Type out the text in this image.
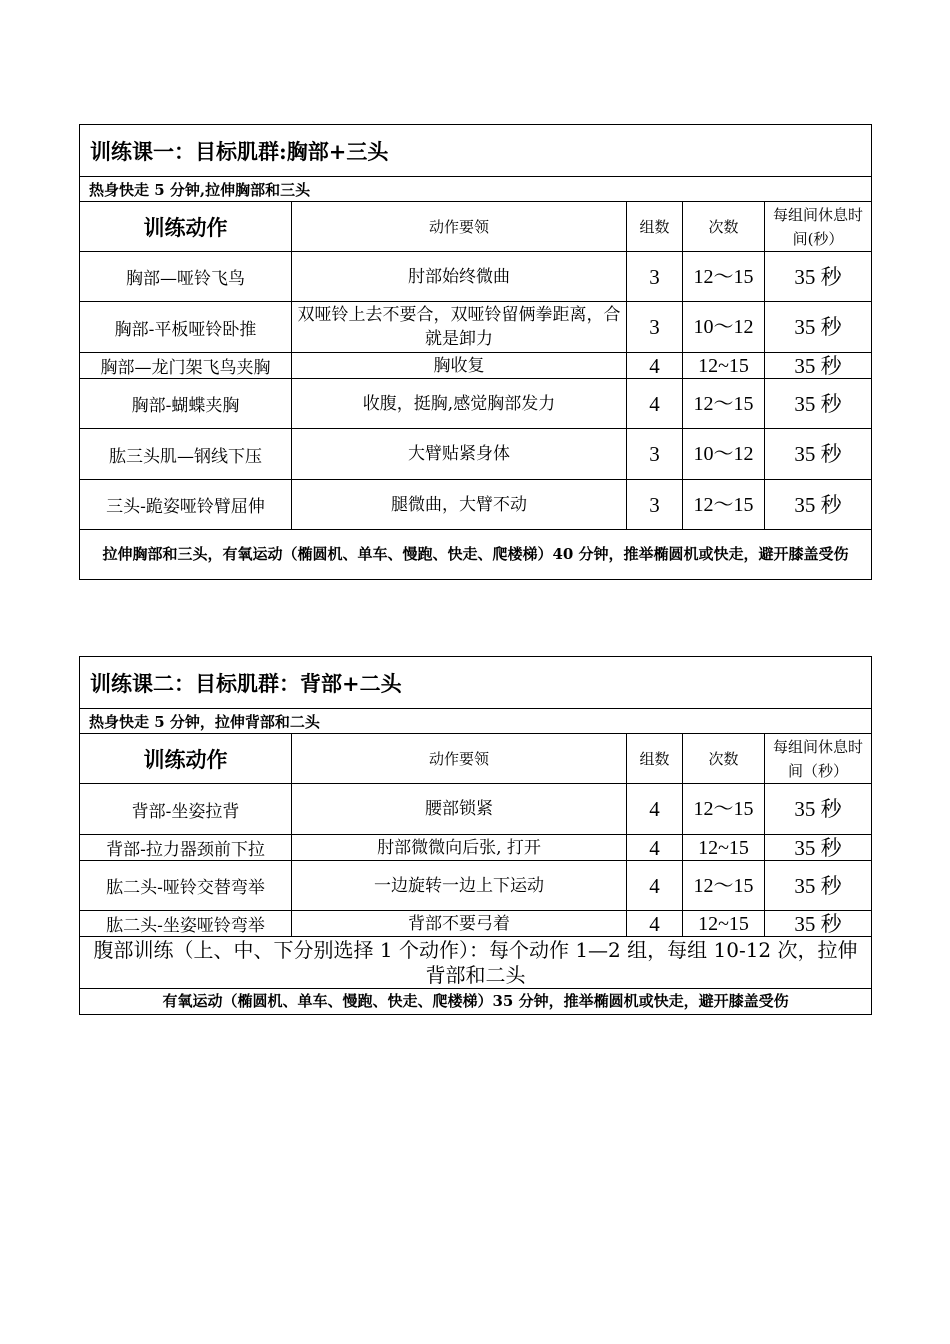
训练课一：目标肌群:胸部+三头				
热身快走 5 分钟,拉伸胸部和三头				
训练动作	动作要领	组数	次数	每组间休息时间(秒）
胸部—哑铃飞鸟	肘部始终微曲	3	12～15	35 秒
胸部-平板哑铃卧推	双哑铃上去不要合，双哑铃留俩拳距离，合就是卸力	3	10～12	35 秒
胸部—龙门架飞鸟夹胸	胸收复	4	12~15	35 秒
胸部-蝴蝶夹胸	收腹，挺胸,感觉胸部发力	4	12～15	35 秒
肱三头肌—钢线下压	大臂贴紧身体	3	10～12	35 秒
三头-跪姿哑铃臂屈伸	腿微曲，大臂不动	3	12～15	35 秒
拉伸胸部和三头，有氧运动（椭圆机、单车、慢跑、快走、爬楼梯）40 分钟，推举椭圆机或快走，避开膝盖受伤				
训练课二：目标肌群：背部+二头				
热身快走 5 分钟，拉伸背部和二头				
训练动作	动作要领	组数	次数	每组间休息时间（秒）
背部-坐姿拉背	腰部锁紧	4	12～15	35 秒
背部-拉力器颈前下拉	肘部微微向后张, 打开	4	12~15	35 秒
肱二头-哑铃交替弯举	一边旋转一边上下运动	4	12～15	35 秒
肱二头-坐姿哑铃弯举	背部不要弓着	4	12~15	35 秒
腹部训练（上、中、下分别选择 1 个动作）：每个动作 1—2 组，每组 10-12 次，拉伸背部和二头				
有氧运动（椭圆机、单车、慢跑、快走、爬楼梯）35 分钟，推举椭圆机或快走，避开膝盖受伤				
